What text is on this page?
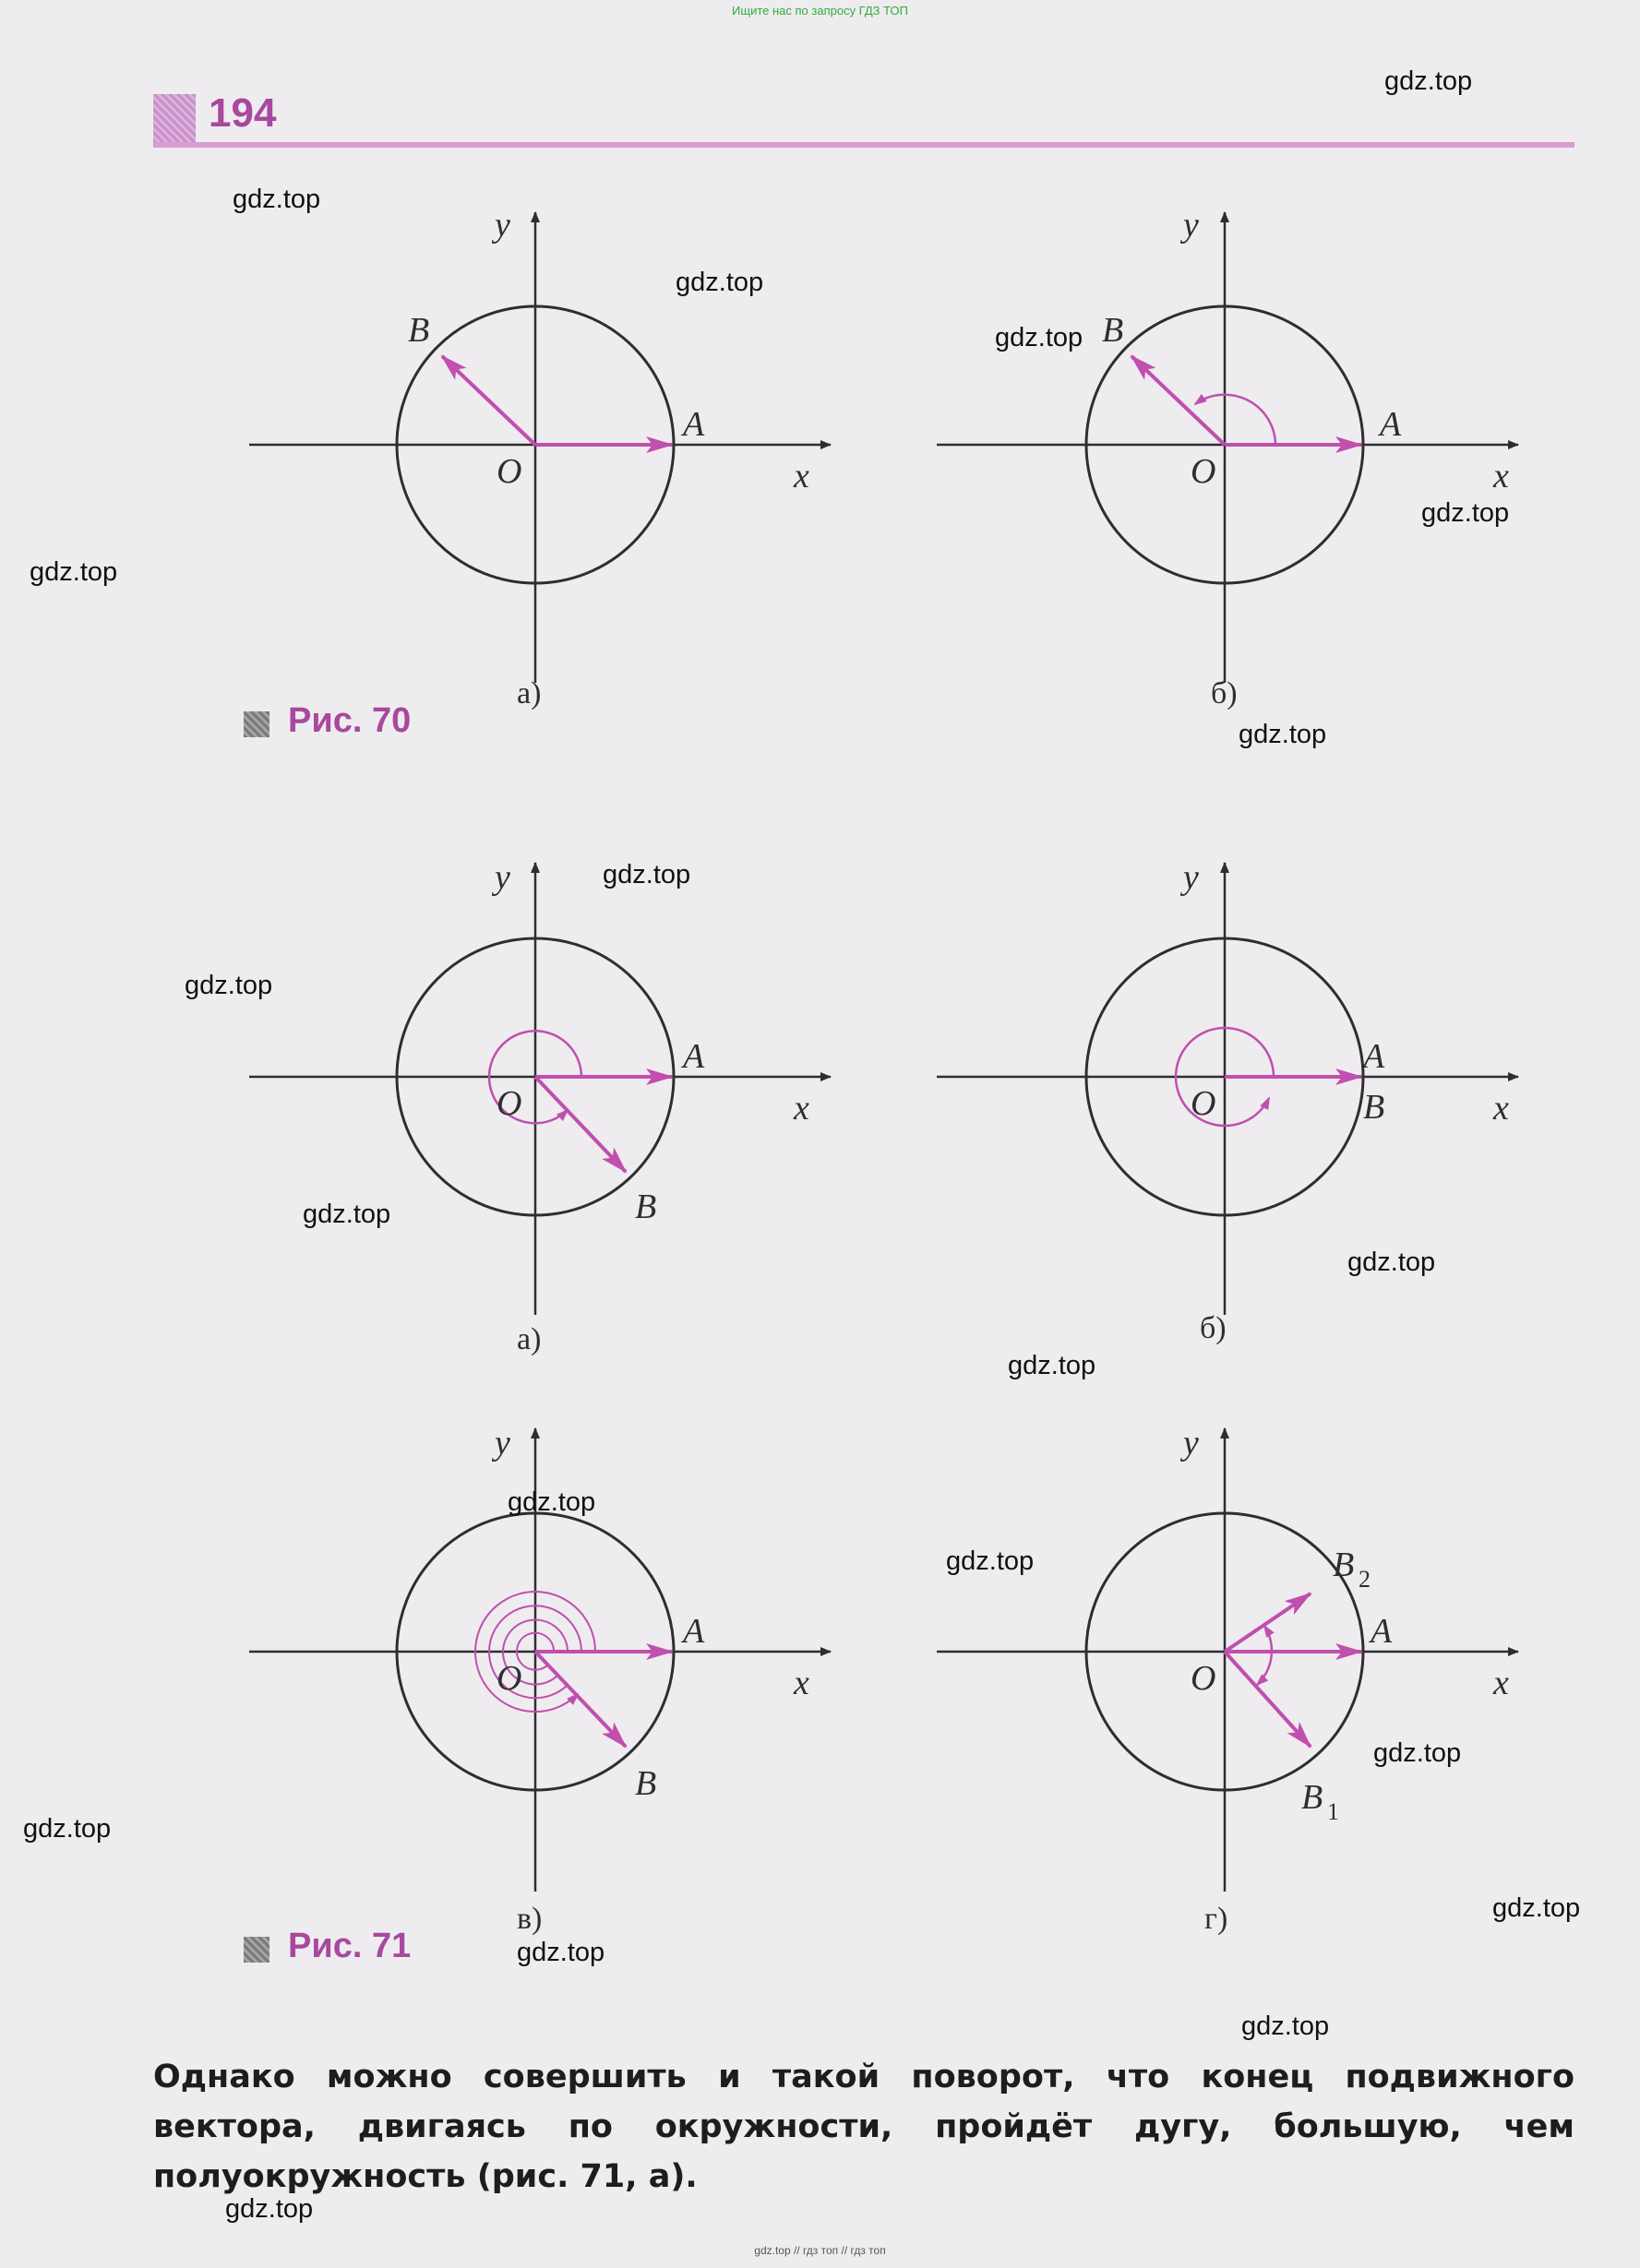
Ищите нас по запросу ГДЗ ТОП
194
O
A
B
x
y
O
A
B
x
y
O
A
B
x
y
O
A
B	x
y
O
A
B
x
y
O
A
B 2
B 1
x
y
а)	б)
а)	б)
в)	г)
Рис. 70
Рис. 71
Однако можно совершить и такой поворот, что конец подвижного вектора, двигаясь по окружности, пройдёт дугу, большую, чем полуокружность (рис. 71, а).
gdz.top
gdz.top
gdz.top
gdz.top
gdz.top
gdz.top
gdz.top
gdz.top
gdz.top
gdz.top
gdz.top
gdz.top
gdz.top
gdz.top
gdz.top
gdz.top
gdz.top
gdz.top
gdz.top
gdz.top
gdz.top // гдз топ // гдз топ
